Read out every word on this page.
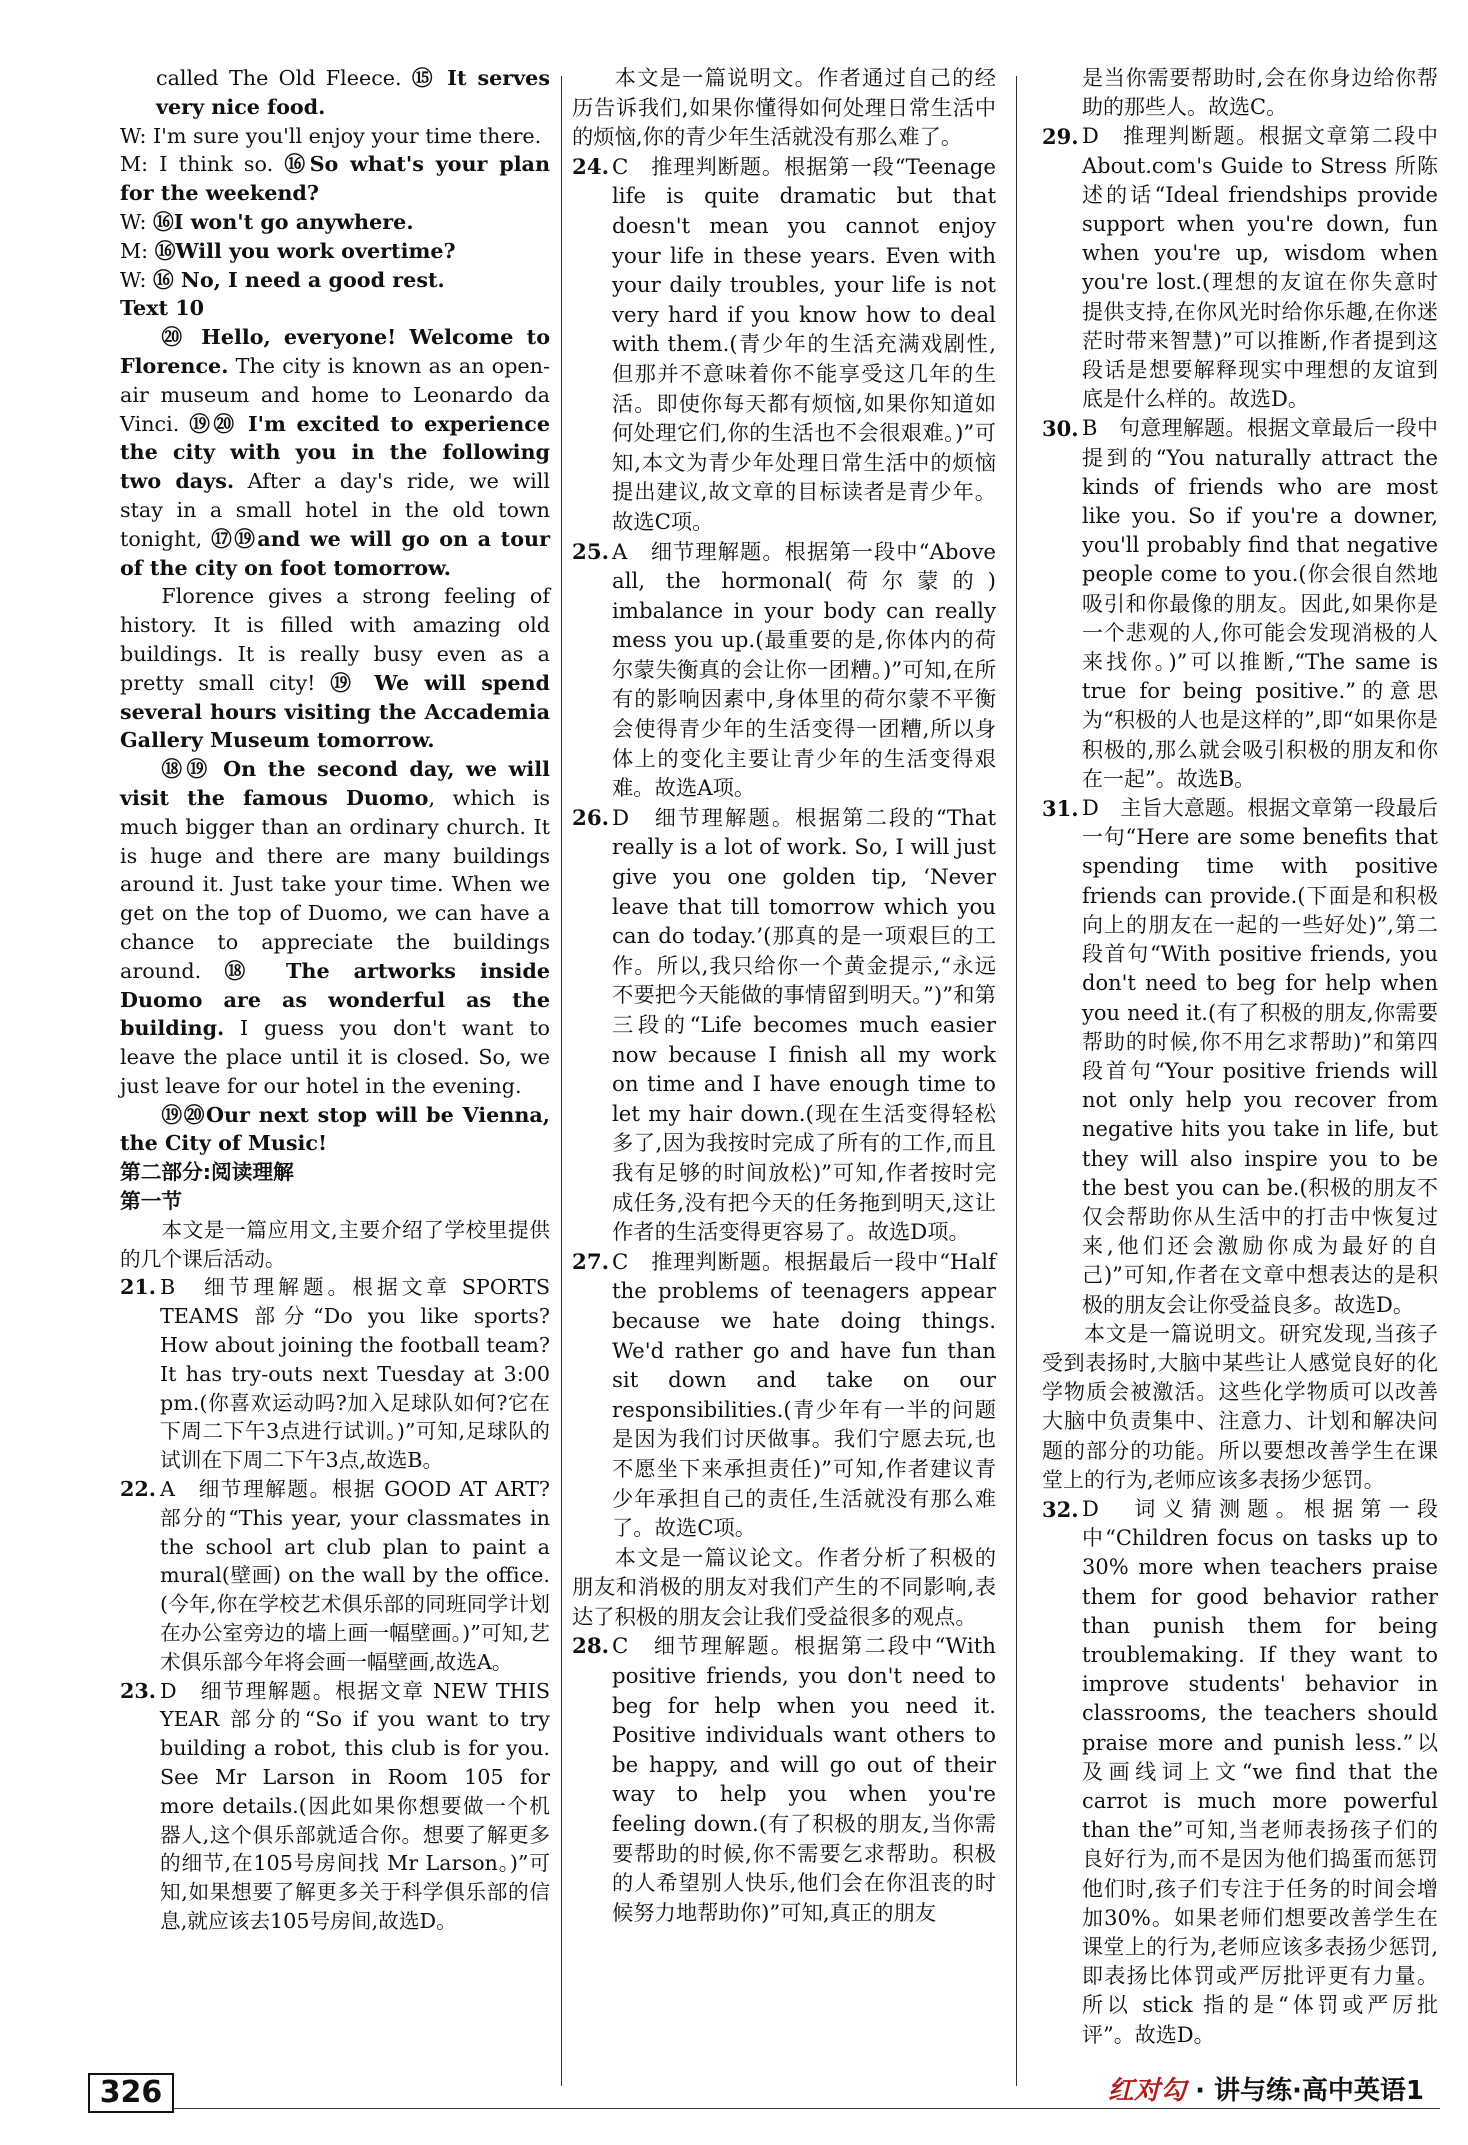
called The Old Fleece. ⑮ It serves very nice food.

W: I'm sure you'll enjoy your time there.

M: I think so. ⑯So what's your plan for the weekend?

W: ⑯I won't go anywhere.

M: ⑯Will you work overtime?

W: ⑯ No, I need a good rest.

Text 10

⑳ Hello, everyone! Welcome to Florence. The city is known as an open-air museum and home to Leonardo da Vinci. ⑲⑳ I'm excited to experience the city with you in the following two days. After a day's ride, we will stay in a small hotel in the old town tonight, ⑰⑲and we will go on a tour of the city on foot tomorrow.

Florence gives a strong feeling of history. It is filled with amazing old buildings. It is really busy even as a pretty small city! ⑲ We will spend several hours visiting the Accademia Gallery Museum tomorrow.

⑱⑲ On the second day, we will visit the famous Duomo, which is much bigger than an ordinary church. It is huge and there are many buildings around it. Just take your time. When we get on the top of Duomo, we can have a chance to appreciate the buildings around. ⑱ The artworks inside Duomo are as wonderful as the building. I guess you don't want to leave the place until it is closed. So, we just leave for our hotel in the evening.

⑲⑳Our next stop will be Vienna, the City of Music!

第二部分:阅读理解

第一节

本文是一篇应用文,主要介绍了学校里提供的几个课后活动。

21. B　细节理解题。根据文章 SPORTS TEAMS 部分“Do you like sports? How about joining the football team? It has try-outs next Tuesday at 3:00 pm.(你喜欢运动吗?加入足球队如何?它在下周二下午3点进行试训。)”可知,足球队的试训在下周二下午3点,故选B。
22. A　细节理解题。根据 GOOD AT ART? 部分的“This year, your classmates in the school art club plan to paint a mural(壁画) on the wall by the office.(今年,你在学校艺术俱乐部的同班同学计划在办公室旁边的墙上画一幅壁画。)”可知,艺术俱乐部今年将会画一幅壁画,故选A。
23. D　细节理解题。根据文章 NEW THIS YEAR 部分的“So if you want to try building a robot, this club is for you. See Mr Larson in Room 105 for more details.(因此如果你想要做一个机器人,这个俱乐部就适合你。想要了解更多的细节,在105号房间找 Mr Larson。)”可知,如果想要了解更多关于科学俱乐部的信息,就应该去105号房间,故选D。

本文是一篇说明文。作者通过自己的经历告诉我们,如果你懂得如何处理日常生活中的烦恼,你的青少年生活就没有那么难了。

24. C　推理判断题。根据第一段“Teenage life is quite dramatic but that doesn't mean you cannot enjoy your life in these years. Even with your daily troubles, your life is not very hard if you know how to deal with them.(青少年的生活充满戏剧性,但那并不意味着你不能享受这几年的生活。即使你每天都有烦恼,如果你知道如何处理它们,你的生活也不会很艰难。)”可知,本文为青少年处理日常生活中的烦恼提出建议,故文章的目标读者是青少年。故选C项。
25. A　细节理解题。根据第一段中“Above all, the hormonal(荷尔蒙的) imbalance in your body can really mess you up.(最重要的是,你体内的荷尔蒙失衡真的会让你一团糟。)”可知,在所有的影响因素中,身体里的荷尔蒙不平衡会使得青少年的生活变得一团糟,所以身体上的变化主要让青少年的生活变得艰难。故选A项。
26. D　细节理解题。根据第二段的“That really is a lot of work. So, I will just give you one golden tip, ‘Never leave that till tomorrow which you can do today.’(那真的是一项艰巨的工作。所以,我只给你一个黄金提示,“永远不要把今天能做的事情留到明天。”)”和第三段的“Life becomes much easier now because I finish all my work on time and I have enough time to let my hair down.(现在生活变得轻松多了,因为我按时完成了所有的工作,而且我有足够的时间放松)”可知,作者按时完成任务,没有把今天的任务拖到明天,这让作者的生活变得更容易了。故选D项。
27. C　推理判断题。根据最后一段中“Half the problems of teenagers appear because we hate doing things. We'd rather go and have fun than sit down and take on our responsibilities.(青少年有一半的问题是因为我们讨厌做事。我们宁愿去玩,也不愿坐下来承担责任)”可知,作者建议青少年承担自己的责任,生活就没有那么难了。故选C项。

本文是一篇议论文。作者分析了积极的朋友和消极的朋友对我们产生的不同影响,表达了积极的朋友会让我们受益很多的观点。

28. C　细节理解题。根据第二段中“With positive friends, you don't need to beg for help when you need it. Positive individuals want others to be happy, and will go out of their way to help you when you're feeling down.(有了积极的朋友,当你需要帮助的时候,你不需要乞求帮助。积极的人希望别人快乐,他们会在你沮丧的时候努力地帮助你)”可知,真正的朋友

是当你需要帮助时,会在你身边给你帮助的那些人。故选C。

29. D　推理判断题。根据文章第二段中 About.com's Guide to Stress 所陈述的话“Ideal friendships provide support when you're down, fun when you're up, wisdom when you're lost.(理想的友谊在你失意时提供支持,在你风光时给你乐趣,在你迷茫时带来智慧)”可以推断,作者提到这段话是想要解释现实中理想的友谊到底是什么样的。故选D。
30. B　句意理解题。根据文章最后一段中提到的“You naturally attract the kinds of friends who are most like you. So if you're a downer, you'll probably find that negative people come to you.(你会很自然地吸引和你最像的朋友。因此,如果你是一个悲观的人,你可能会发现消极的人来找你。)”可以推断,“The same is true for being positive.”的意思为“积极的人也是这样的”,即“如果你是积极的,那么就会吸引积极的朋友和你在一起”。故选B。
31. D　主旨大意题。根据文章第一段最后一句“Here are some benefits that spending time with positive friends can provide.(下面是和积极向上的朋友在一起的一些好处)”,第二段首句“With positive friends, you don't need to beg for help when you need it.(有了积极的朋友,你需要帮助的时候,你不用乞求帮助)”和第四段首句“Your positive friends will not only help you recover from negative hits you take in life, but they will also inspire you to be the best you can be.(积极的朋友不仅会帮助你从生活中的打击中恢复过来,他们还会激励你成为最好的自己)”可知,作者在文章中想表达的是积极的朋友会让你受益良多。故选D。

本文是一篇说明文。研究发现,当孩子受到表扬时,大脑中某些让人感觉良好的化学物质会被激活。这些化学物质可以改善大脑中负责集中、注意力、计划和解决问题的部分的功能。所以要想改善学生在课堂上的行为,老师应该多表扬少惩罚。

32. D　词义猜测题。根据第一段中“Children focus on tasks up to 30% more when teachers praise them for good behavior rather than punish them for being troublemaking. If they want to improve students' behavior in classrooms, the teachers should praise more and punish less.”以及画线词上文“we find that the carrot is much more powerful than the”可知,当老师表扬孩子们的良好行为,而不是因为他们捣蛋而惩罚他们时,孩子们专注于任务的时间会增加30%。如果老师们想要改善学生在课堂上的行为,老师应该多表扬少惩罚,即表扬比体罚或严厉批评更有力量。所以 stick 指的是“体罚或严厉批评”。故选D。
326	红对勾 · 讲与练·高中英语1
